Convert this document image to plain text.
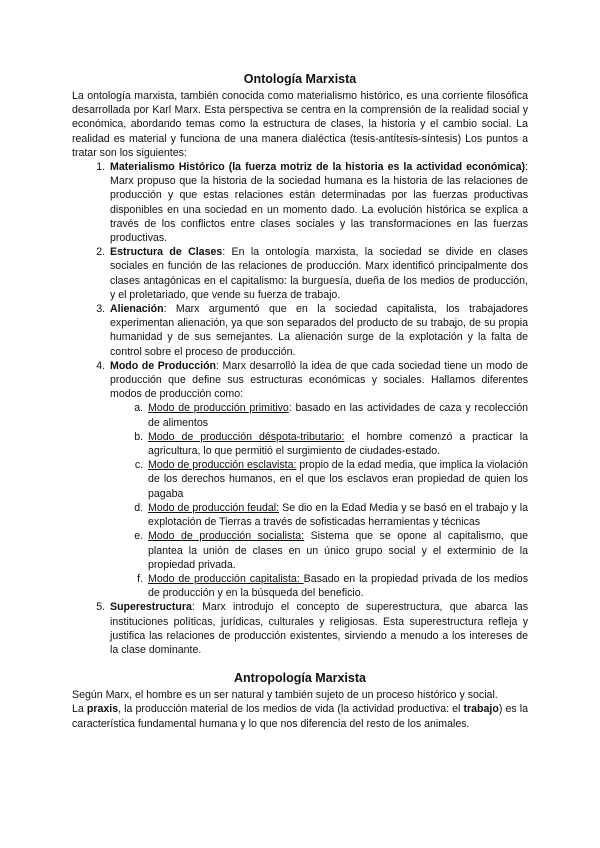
Ontología Marxista

La ontología marxista, también conocida como materialismo histórico, es una corriente filosófica desarrollada por Karl Marx. Esta perspectiva se centra en la comprensión de la realidad social y económica, abordando temas como la estructura de clases, la historia y el cambio social. La realidad es material y funciona de una manera dialéctica (tesis-antítesis-síntesis) Los puntos a tratar son los siguientes:

1. Materialismo Histórico (la fuerza motriz de la historia es la actividad económica): Marx propuso que la historia de la sociedad humana es la historia de las relaciones de producción y que estas relaciones están determinadas por las fuerzas productivas disponibles en una sociedad en un momento dado. La evolución histórica se explica a través de los conflictos entre clases sociales y las transformaciones en las fuerzas productivas.
2. Estructura de Clases: En la ontología marxista, la sociedad se divide en clases sociales en función de las relaciones de producción. Marx identificó principalmente dos clases antagónicas en el capitalismo: la burguesía, dueña de los medios de producción, y el proletariado, que vende su fuerza de trabajo.
3. Alienación: Marx argumentó que en la sociedad capitalista, los trabajadores experimentan alienación, ya que son separados del producto de su trabajo, de su propia humanidad y de sus semejantes. La alienación surge de la explotación y la falta de control sobre el proceso de producción.
4. Modo de Producción: Marx desarrolló la idea de que cada sociedad tiene un modo de producción que define sus estructuras económicas y sociales. Hallamos diferentes modos de producción como:
a. Modo de producción primitivo: basado en las actividades de caza y recolección de alimentos
b. Modo de producción déspota-tributario: el hombre comenzó a practicar la agricultura, lo que permitió el surgimiento de ciudades-estado.
c. Modo de producción esclavista: propio de la edad media, que implica la violación de los derechos humanos, en el que los esclavos eran propiedad de quien los pagaba
d. Modo de producción feudal: Se dio en la Edad Media y se basó en el trabajo y la explotación de Tierras a través de sofisticadas herramientas y técnicas
e. Modo de producción socialista: Sistema que se opone al capitalismo, que plantea la unión de clases en un único grupo social y el exterminio de la propiedad privada.
f. Modo de producción capitalista: Basado en la propiedad privada de los medios de producción y en la búsqueda del beneficio.
5. Superestructura: Marx introdujo el concepto de superestructura, que abarca las instituciones políticas, jurídicas, culturales y religiosas. Esta superestructura refleja y justifica las relaciones de producción existentes, sirviendo a menudo a los intereses de la clase dominante.
Antropología Marxista

Según Marx, el hombre es un ser natural y también sujeto de un proceso histórico y social.

La praxis, la producción material de los medios de vida (la actividad productiva: el trabajo) es la característica fundamental humana y lo que nos diferencia del resto de los animales.
